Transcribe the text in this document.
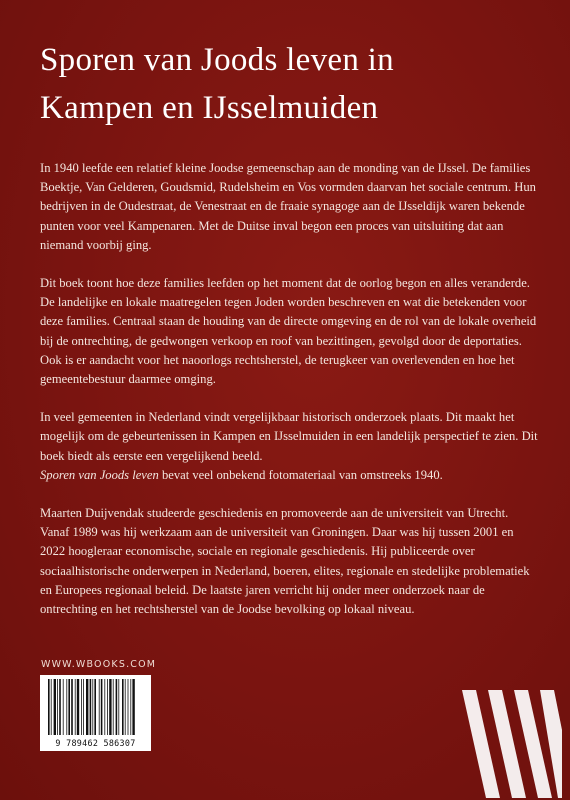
Sporen van Joods leven in
Kampen en IJsselmuiden

In 1940 leefde een relatief kleine Joodse gemeenschap aan de monding van de IJssel. De families Boektje, Van Gelderen, Goudsmid, Rudelsheim en Vos vormden daarvan het sociale centrum. Hun bedrijven in de Oudestraat, de Venestraat en de fraaie synagoge aan de IJsseldijk waren bekende punten voor veel Kampenaren. Met de Duitse inval begon een proces van uitsluiting dat aan niemand voorbij ging.

Dit boek toont hoe deze families leefden op het moment dat de oorlog begon en alles veranderde. De landelijke en lokale maatregelen tegen Joden worden beschreven en wat die betekenden voor deze families. Centraal staan de houding van de directe omgeving en de rol van de lokale overheid bij de ontrechting, de gedwongen verkoop en roof van bezittingen, gevolgd door de deportaties. Ook is er aandacht voor het naoorlogs rechtsherstel, de terugkeer van overlevenden en hoe het gemeentebestuur daarmee omging.

In veel gemeenten in Nederland vindt vergelijkbaar historisch onderzoek plaats. Dit maakt het mogelijk om de gebeurtenissen in Kampen en IJsselmuiden in een landelijk perspectief te zien. Dit boek biedt als eerste een vergelijkend beeld.
Sporen van Joods leven bevat veel onbekend fotomateriaal van omstreeks 1940.

Maarten Duijvendak studeerde geschiedenis en promoveerde aan de universiteit van Utrecht. Vanaf 1989 was hij werkzaam aan de universiteit van Groningen. Daar was hij tussen 2001 en 2022 hoogleraar economische, sociale en regionale geschiedenis. Hij publiceerde over sociaalhistorische onderwerpen in Nederland, boeren, elites, regionale en stedelijke problematiek en Europees regionaal beleid. De laatste jaren verricht hij onder meer onderzoek naar de ontrechting en het rechtsherstel van de Joodse bevolking op lokaal niveau.

WWW.WBOOKS.COM
9 789462 586307
